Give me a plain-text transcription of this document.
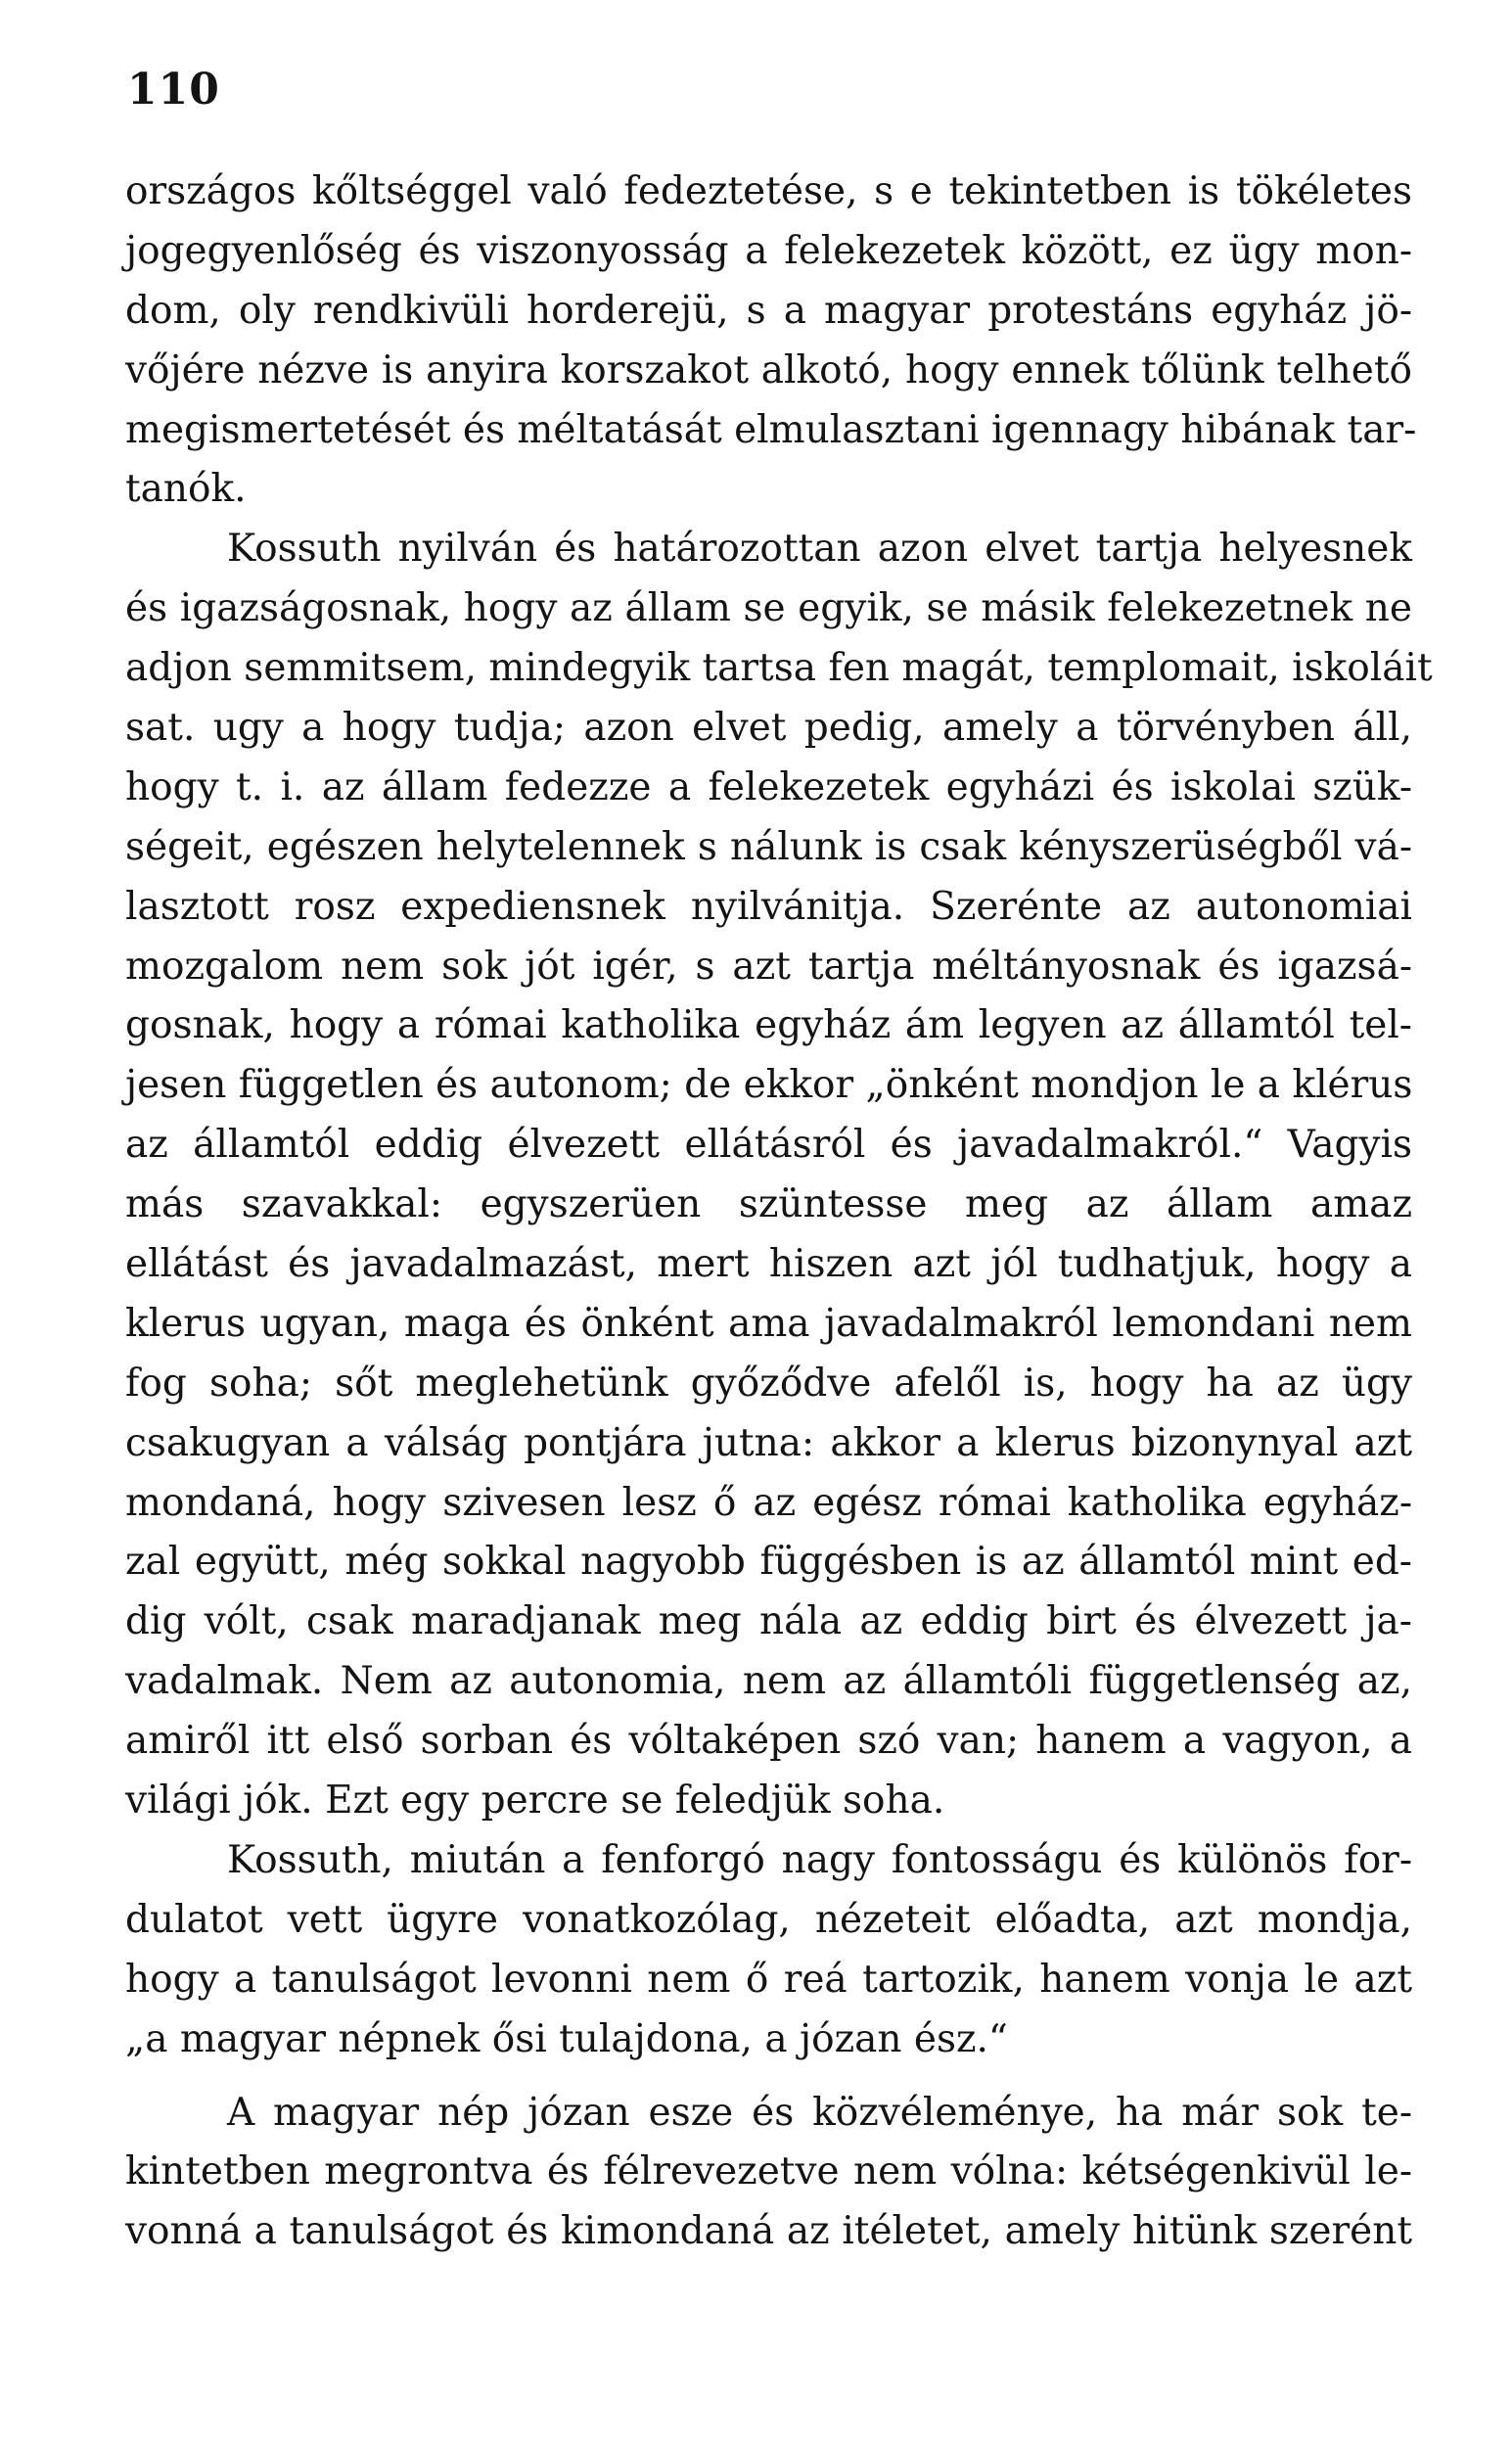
110
országos kőltséggel való fedeztetése, s e tekintetben is tökéletes
jogegyenlőség és viszonyosság a felekezetek között, ez ügy mon-
dom, oly rendkivüli horderejü, s a magyar protestáns egyház jö-
vőjére nézve is anyira korszakot alkotó, hogy ennek tőlünk telhető
megismertetését és méltatását elmulasztani igennagy hibának tar-
tanók.
Kossuth nyilván és határozottan azon elvet tartja helyesnek
és igazságosnak, hogy az állam se egyik, se másik felekezetnek ne
adjon semmitsem, mindegyik tartsa fen magát, templomait, iskoláit
sat. ugy a hogy tudja; azon elvet pedig, amely a törvényben áll,
hogy t. i. az állam fedezze a felekezetek egyházi és iskolai szük-
ségeit, egészen helytelennek s nálunk is csak kényszerüségből vá-
lasztott rosz expediensnek nyilvánitja. Szerénte az autonomiai
mozgalom nem sok jót igér, s azt tartja méltányosnak és igazsá-
gosnak, hogy a római katholika egyház ám legyen az államtól tel-
jesen független és autonom; de ekkor „önként mondjon le a klérus
az államtól eddig élvezett ellátásról és javadalmakról.“ Vagyis
más szavakkal: egyszerüen szüntesse meg az állam amaz
ellátást és javadalmazást, mert hiszen azt jól tudhatjuk, hogy a
klerus ugyan, maga és önként ama javadalmakról lemondani nem
fog soha; sőt meglehetünk győződve afelől is, hogy ha az ügy
csakugyan a válság pontjára jutna: akkor a klerus bizonynyal azt
mondaná, hogy szivesen lesz ő az egész római katholika egyház-
zal együtt, még sokkal nagyobb függésben is az államtól mint ed-
dig vólt, csak maradjanak meg nála az eddig birt és élvezett ja-
vadalmak. Nem az autonomia, nem az államtóli függetlenség az,
amiről itt első sorban és vóltaképen szó van; hanem a vagyon, a
világi jók. Ezt egy percre se feledjük soha.
Kossuth, miután a fenforgó nagy fontosságu és különös for-
dulatot vett ügyre vonatkozólag, nézeteit előadta, azt mondja,
hogy a tanulságot levonni nem ő reá tartozik, hanem vonja le azt
„a magyar népnek ősi tulajdona, a józan ész.“
A magyar nép józan esze és közvéleménye, ha már sok te-
kintetben megrontva és félrevezetve nem vólna: kétségenkivül le-
vonná a tanulságot és kimondaná az itéletet, amely hitünk szerént
